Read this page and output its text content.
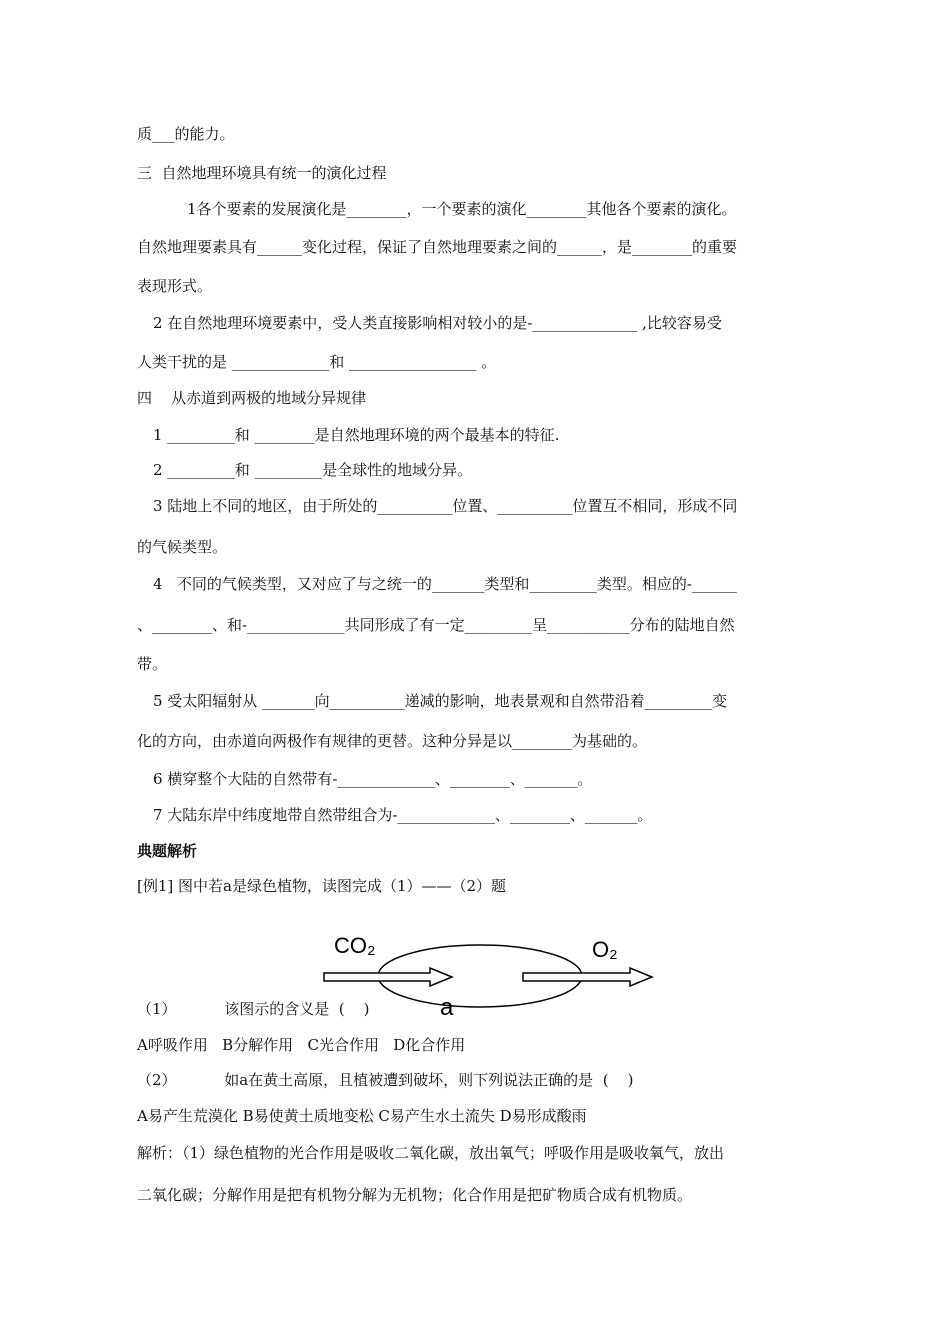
质___的能力。
三  自然地理环境具有统一的演化过程
1各个要素的发展演化是________，一个要素的演化________其他各个要素的演化。
自然地理要素具有______变化过程，保证了自然地理要素之间的______，是________的重要
表现形式。
2 在自然地理环境要素中，受人类直接影响相对较小的是-______________ ,比较容易受
人类干扰的是 _____________和 _________________ 。
四    从赤道到两极的地域分异规律
1 _________和 ________是自然地理环境的两个最基本的特征.
2 _________和 _________是全球性的地域分异。
3 陆地上不同的地区，由于所处的__________位置、__________位置互不相同，形成不同
的气候类型。
4   不同的气候类型，又对应了与之统一的_______类型和_________类型。相应的-______
、________、和-_____________共同形成了有一定_________呈___________分布的陆地自然
带。
5 受太阳辐射从 _______向__________递减的影响，地表景观和自然带沿着_________变
化的方向，由赤道向两极作有规律的更替。这种分异是以________为基础的。
6 横穿整个大陆的自然带有-_____________、________、_______。
7 大陆东岸中纬度地带自然带组合为-_____________、________、_______。
典题解析
[例1] 图中若a是绿色植物，读图完成（1）——（2）题
CO₂	O₂
a
（1）          该图示的含义是  (    )
A呼吸作用   B分解作用   C光合作用   D化合作用
（2）          如a在黄土高原，且植被遭到破坏，则下列说法正确的是  (    )
A易产生荒漠化 B易使黄土质地变松 C易产生水土流失 D易形成酸雨
解析：（1）绿色植物的光合作用是吸收二氧化碳，放出氧气；呼吸作用是吸收氧气，放出
二氧化碳；分解作用是把有机物分解为无机物；化合作用是把矿物质合成有机物质。
